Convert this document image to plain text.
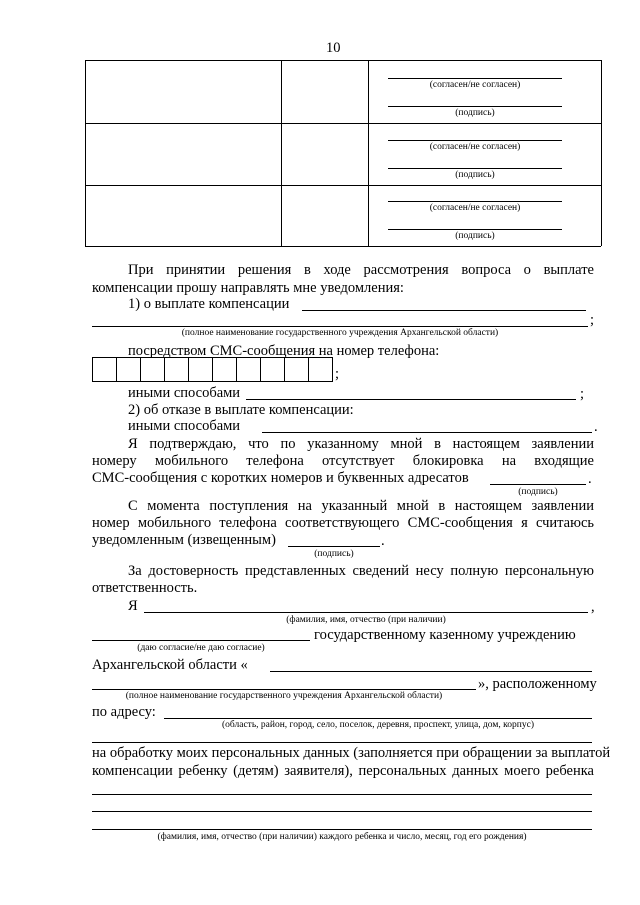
10
(согласен/не согласен)
(подпись)
(согласен/не согласен)
(подпись)
(согласен/не согласен)
(подпись)
При принятии решения в ходе рассмотрения вопроса о выплате
компенсации прошу направлять мне уведомления:
1) о выплате компенсации
;
(полное наименование государственного учреждения Архангельской области)
посредством СМС-сообщения на номер телефона:
;
иными способами	;
2) об отказе в выплате компенсации:
иными способами	.
Я подтверждаю, что по указанному мной в настоящем заявлении
номеру мобильного телефона отсутствует блокировка на входящие
СМС-сообщения с коротких номеров и буквенных адресатов	.
(подпись)
С момента поступления на указанный мной в настоящем заявлении
номер мобильного телефона соответствующего СМС-сообщения я считаюсь
уведомленным (извещенным)	.
(подпись)
За достоверность представленных сведений несу полную персональную
ответственность.
Я	,
(фамилия, имя, отчество (при наличии)
государственному казенному учреждению
(даю согласие/не даю согласие)
Архангельской области «
», расположенному
(полное наименование государственного учреждения Архангельской области)
по адресу:
(область, район, город, село, поселок, деревня, проспект, улица, дом, корпус)
на обработку моих персональных данных (заполняется при обращении за выплатой
компенсации ребенку (детям) заявителя), персональных данных моего ребенка
(фамилия, имя, отчество (при наличии) каждого ребенка и число, месяц, год его рождения)
